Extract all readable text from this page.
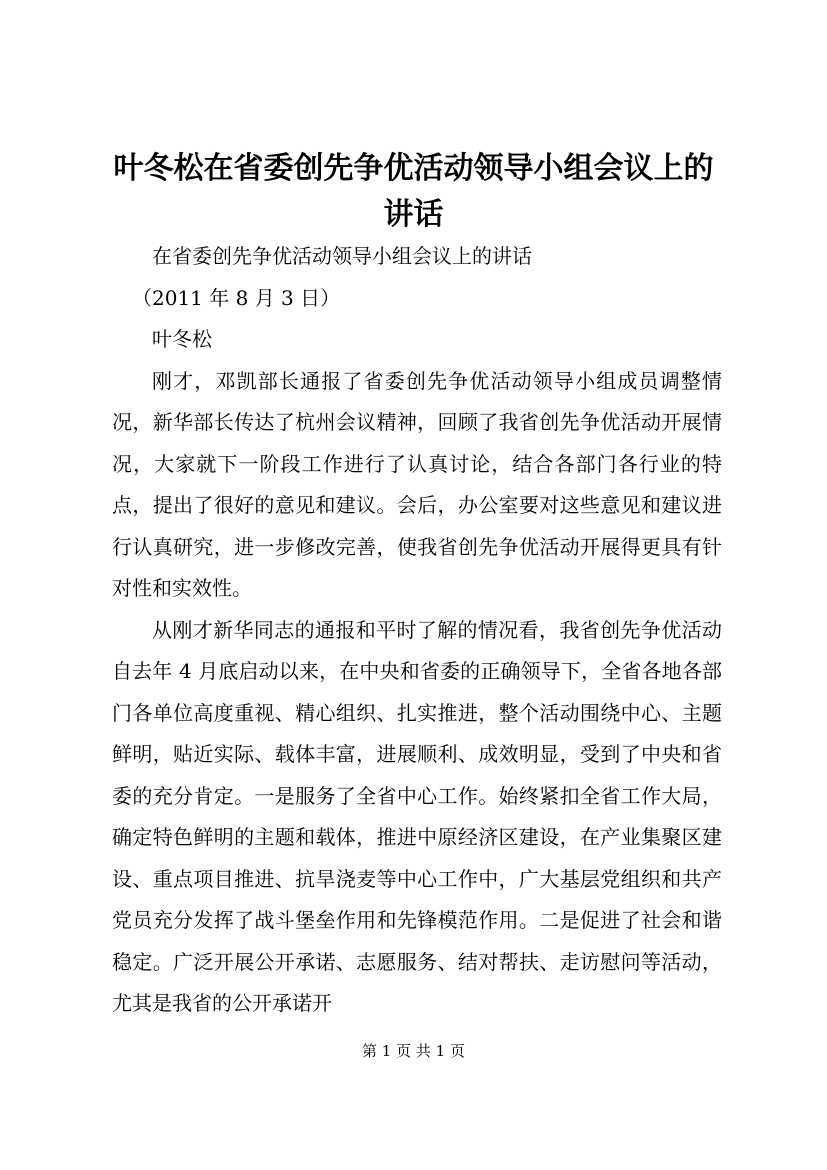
叶冬松在省委创先争优活动领导小组会议上的讲话

在省委创先争优活动领导小组会议上的讲话

（2011 年 8 月 3 日）

叶冬松

刚才，邓凯部长通报了省委创先争优活动领导小组成员调整情况，新华部长传达了杭州会议精神，回顾了我省创先争优活动开展情况，大家就下一阶段工作进行了认真讨论，结合各部门各行业的特点，提出了很好的意见和建议。会后，办公室要对这些意见和建议进行认真研究，进一步修改完善，使我省创先争优活动开展得更具有针对性和实效性。

从刚才新华同志的通报和平时了解的情况看，我省创先争优活动自去年 4 月底启动以来，在中央和省委的正确领导下，全省各地各部门各单位高度重视、精心组织、扎实推进，整个活动围绕中心、主题鲜明，贴近实际、载体丰富，进展顺利、成效明显，受到了中央和省委的充分肯定。一是服务了全省中心工作。始终紧扣全省工作大局，确定特色鲜明的主题和载体，推进中原经济区建设，在产业集聚区建设、重点项目推进、抗旱浇麦等中心工作中，广大基层党组织和共产党员充分发挥了战斗堡垒作用和先锋模范作用。二是促进了社会和谐稳定。广泛开展公开承诺、志愿服务、结对帮扶、走访慰问等活动，尤其是我省的公开承诺开

第 1 页 共 1 页
